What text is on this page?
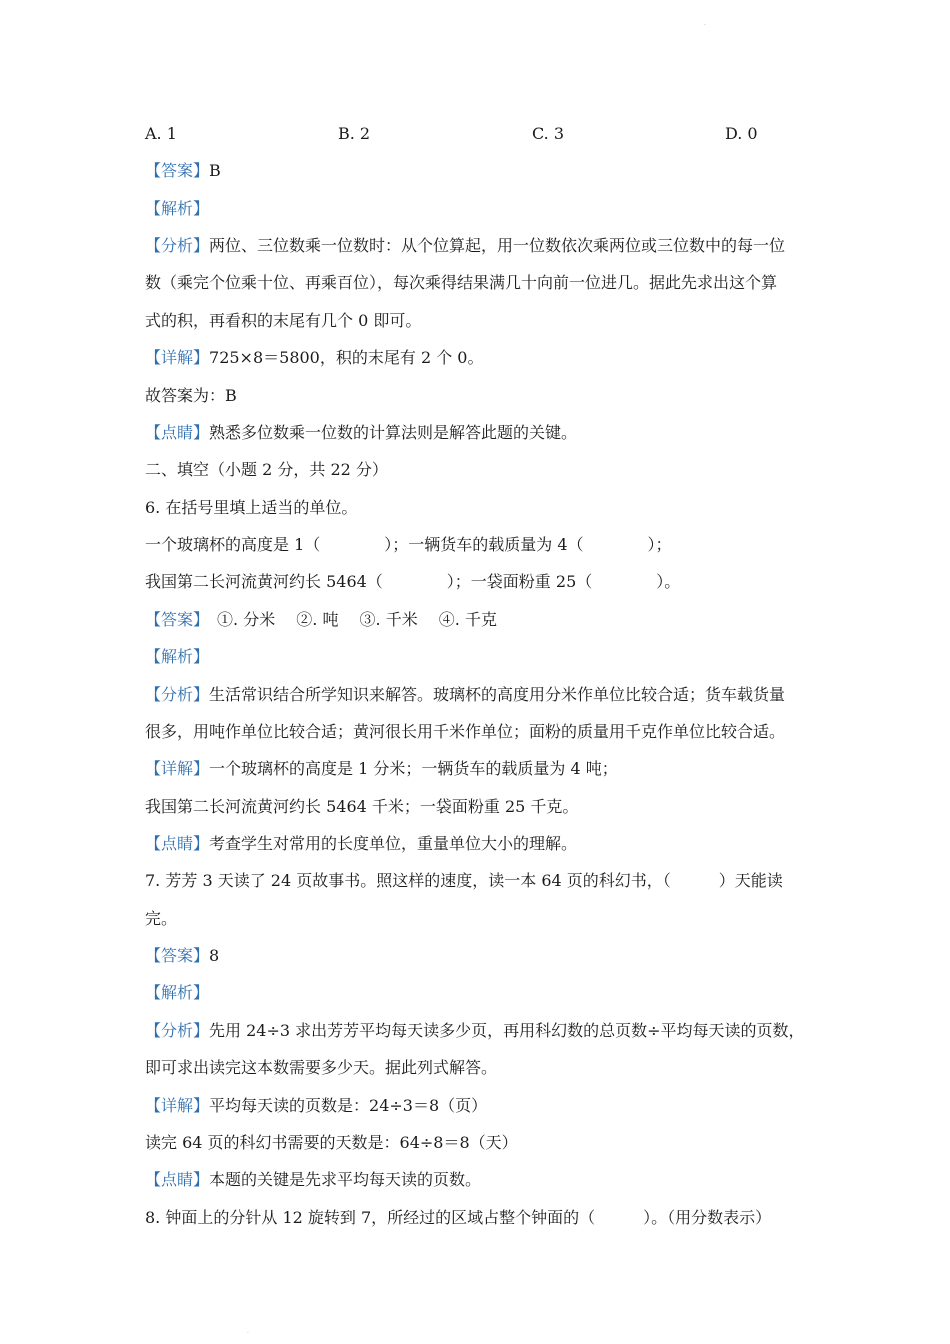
·
A. 1	B. 2	C. 3	D. 0
【答案】B
【解析】
【分析】两位、三位数乘一位数时：从个位算起，用一位数依次乘两位或三位数中的每一位
数（乘完个位乘十位、再乘百位），每次乘得结果满几十向前一位进几。据此先求出这个算
式的积，再看积的末尾有几个 0 即可。
【详解】725×8＝5800，积的末尾有 2 个 0。
故答案为：B
【点睛】熟悉多位数乘一位数的计算法则是解答此题的关键。
二、填空（小题 2 分，共 22 分）
6. 在括号里填上适当的单位。
一个玻璃杯的高度是 1（　　　　）；一辆货车的载质量为 4（　　　　）；
我国第二长河流黄河约长 5464（　　　　）；一袋面粉重 25（　　　　）。
【答案】　①. 分米　 ②. 吨　 ③. 千米　 ④. 千克
【解析】
【分析】生活常识结合所学知识来解答。玻璃杯的高度用分米作单位比较合适；货车载货量
很多，用吨作单位比较合适；黄河很长用千米作单位；面粉的质量用千克作单位比较合适。
【详解】一个玻璃杯的高度是 1 分米；一辆货车的载质量为 4 吨；
我国第二长河流黄河约长 5464 千米；一袋面粉重 25 千克。
【点睛】考查学生对常用的长度单位，重量单位大小的理解。
7. 芳芳 3 天读了 24 页故事书。照这样的速度，读一本 64 页的科幻书，（　　　）天能读
完。
【答案】8
【解析】
【分析】先用 24÷3 求出芳芳平均每天读多少页，再用科幻数的总页数÷平均每天读的页数，
即可求出读完这本数需要多少天。据此列式解答。
【详解】平均每天读的页数是：24÷3＝8（页）
读完 64 页的科幻书需要的天数是：64÷8＝8（天）
【点睛】本题的关键是先求平均每天读的页数。
8. 钟面上的分针从 12 旋转到 7，所经过的区域占整个钟面的（　　　）。（用分数表示）
·
